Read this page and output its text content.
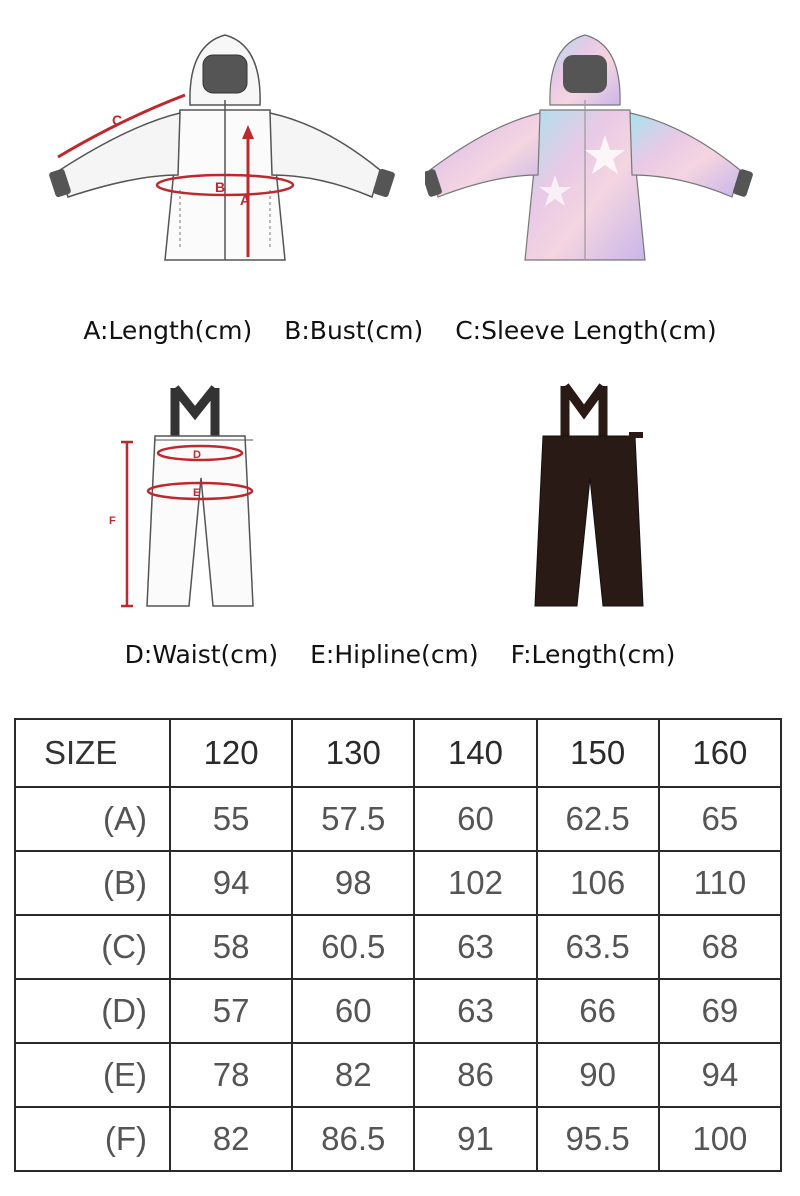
A
B
C
A:Length(cm) B:Bust(cm) C:Sleeve Length(cm)
D
E
F
D:Waist(cm) E:Hipline(cm) F:Length(cm)
SIZE	120	130	140	150	160
(A)	55	57.5	60	62.5	65
(B)	94	98	102	106	110
(C)	58	60.5	63	63.5	68
(D)	57	60	63	66	69
(E)	78	82	86	90	94
(F)	82	86.5	91	95.5	100
